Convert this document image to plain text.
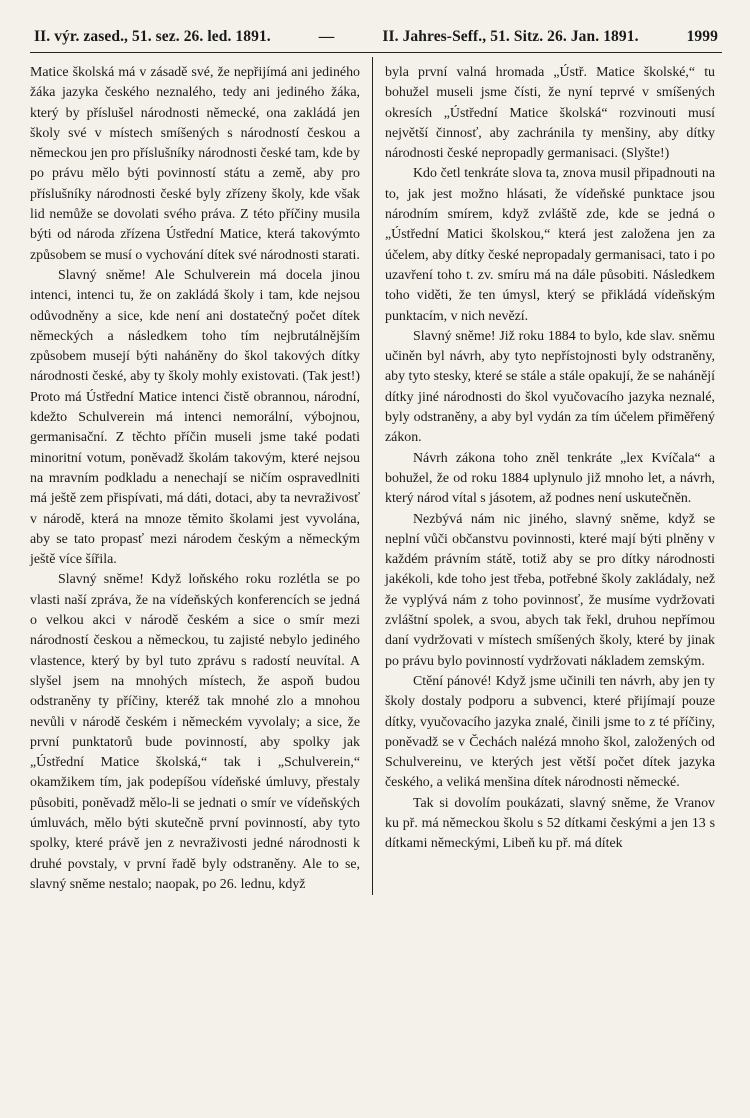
II. výr. zased., 51. sez. 26. led. 1891.	—	II. Jahres-Seff., 51. Sitz. 26. Jan. 1891.	1999

Matice školská má v zásadě své, že nepřijímá ani jediného žáka jazyka českého neznalého, tedy ani jediného žáka, který by příslušel národnosti německé, ona zakládá jen školy své v místech smíšených s národností českou a německou jen pro příslušníky národnosti české tam, kde by po právu mělo býti povinností státu a země, aby pro příslušníky národnosti české byly zřízeny školy, kde však lid nemůže se dovolati svého práva. Z této příčiny musila býti od národa zřízena Ústřední Matice, která takovýmto způsobem se musí o vychování dítek své národnosti starati.

Slavný sněme! Ale Schulverein má docela jinou intenci, intenci tu, že on zakládá školy i tam, kde nejsou odůvodněny a sice, kde není ani dostatečný počet dítek německých a následkem toho tím nejbrutálnějším způsobem musejí býti naháněny do škol takových dítky národnosti české, aby ty školy mohly existovati. (Tak jest!) Proto má Ústřední Matice intenci čistě obrannou, národní, kdežto Schulverein má intenci nemorální, výbojnou, germanisační. Z těchto příčin museli jsme také podati minoritní votum, poněvadž školám takovým, které nejsou na mravním podkladu a nenechají se ničím ospravedlniti má ještě zem přispívati, má dáti, dotaci, aby ta nevraživosť v národě, která na mnoze těmito školami jest vyvolána, aby se tato propasť mezi národem českým a německým ještě více šířila.

Slavný sněme! Když loňského roku rozlétla se po vlasti naší zpráva, že na vídeňských konferencích se jedná o velkou akci v národě českém a sice o smír mezi národností českou a německou, tu zajisté nebylo jediného vlastence, který by byl tuto zprávu s radostí neuvítal. A slyšel jsem na mnohých místech, že aspoň budou odstraněny ty příčiny, kteréž tak mnohé zlo a mnohou nevůli v národě českém i německém vyvolaly; a sice, že první punktatorů bude povinností, aby spolky jak „Ústřední Matice školská,“ tak i „Schulverein,“ okamžikem tím, jak podepíšou vídeňské úmluvy, přestaly působiti, poněvadž mělo-li se jednati o smír ve vídeňských úmluvách, mělo býti skutečně první povinností, aby tyto spolky, které právě jen z nevraživosti jedné národnosti k druhé povstaly, v první řadě byly odstraněny. Ale to se, slavný sněme nestalo; naopak, po 26. lednu, když

byla první valná hromada „Ústř. Matice školské,“ tu bohužel museli jsme čísti, že nyní teprvé v smíšených okresích „Ústřední Matice školská“ rozvinouti musí největší činnosť, aby zachránila ty menšiny, aby dítky národnosti české nepropadly germanisaci. (Slyšte!)

Kdo četl tenkráte slova ta, znova musil připadnouti na to, jak jest možno hlásati, že vídeňské punktace jsou národním smírem, když zvláště zde, kde se jedná o „Ústřední Matici školskou,“ která jest založena jen za účelem, aby dítky české nepropadaly germanisaci, tato i po uzavření toho t. zv. smíru má na dále působiti. Následkem toho viděti, že ten úmysl, který se přikládá vídeňským punktacím, v nich nevězí.

Slavný sněme! Již roku 1884 to bylo, kde slav. sněmu učiněn byl návrh, aby tyto nepřístojnosti byly odstraněny, aby tyto stesky, které se stále a stále opakují, že se nahánějí dítky jiné národnosti do škol vyučovacího jazyka neznalé, byly odstraněny, a aby byl vydán za tím účelem přiměřený zákon.

Návrh zákona toho zněl tenkráte „lex Kvíčala“ a bohužel, že od roku 1884 uplynulo již mnoho let, a návrh, který národ vítal s jásotem, až podnes není uskutečněn.

Nezbývá nám nic jiného, slavný sněme, když se neplní vůči občanstvu povinnosti, které mají býti plněny v každém právním státě, totiž aby se pro dítky národnosti jakékoli, kde toho jest třeba, potřebné školy zakládaly, než že vyplývá nám z toho povinnosť, že musíme vydržovati zvláštní spolek, a svou, abych tak řekl, druhou nepřímou daní vydržovati v místech smíšených školy, které by jinak po právu bylo povinností vydržovati nákladem zemským.

Ctění pánové! Když jsme učinili ten návrh, aby jen ty školy dostaly podporu a subvenci, které přijímají pouze dítky, vyučovacího jazyka znalé, činili jsme to z té příčiny, poněvadž se v Čechách nalézá mnoho škol, založených od Schulvereinu, ve kterých jest větší počet dítek jazyka českého, a veliká menšina dítek národnosti německé.

Tak si dovolím poukázati, slavný sněme, že Vranov ku př. má německou školu s 52 dítkami českými a jen 13 s dítkami německými, Libeň ku př. má dítek
